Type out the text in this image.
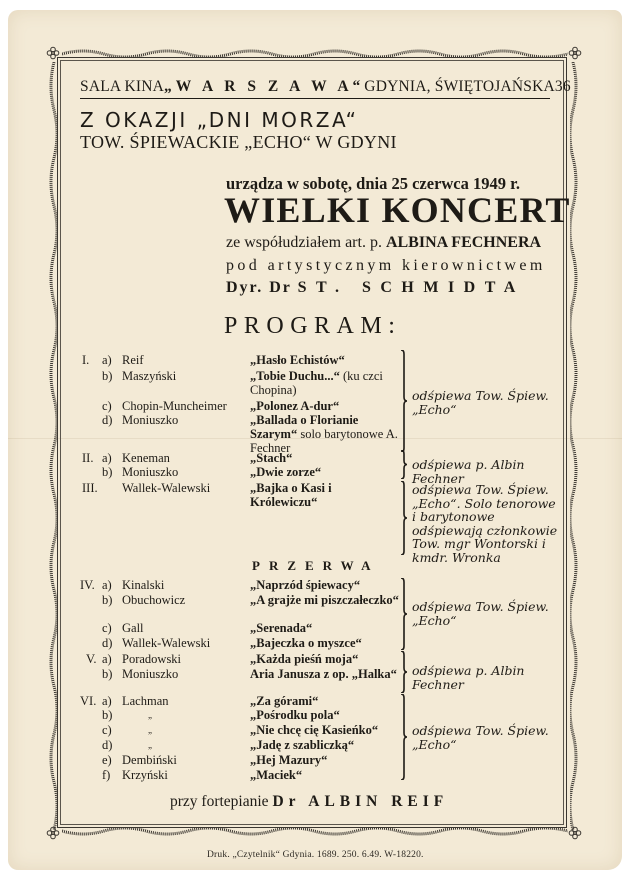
SALA KINA „W A R S Z A W A“ GDYNIA, ŚWIĘTOJAŃSKA 36
Z OKAZJI „DNI MORZA“
TOW. ŚPIEWACKIE „ECHO“ W GDYNI
urządza w sobotę, dnia 25 czerwca 1949 r.
WIELKI KONCERT
ze współudziałem art. p. ALBINA FECHNERA
pod artystycznym kierownictwem
Dyr. Dr ST. SCHMIDTA
PROGRAM:
I. a) Reif	„Hasło Echistów“
b) Maszyński	„Tobie Duchu...“ (ku czci Chopina)
c) Chopin-Muncheimer „Polonez A-dur“
d) Moniuszko	„Ballada o Florianie Szarym“ solo barytonowe A. Fechner
odśpiewa Tow. Śpiew. „Echo“
II. a) Keneman	„Stach“
b) Moniuszko	„Dwie zorze“	odśpiewa p. Albin Fechner
III. Wallek-Walewski	„Bajka o Kasi i Królewiczu“
odśpiewa Tow. Śpiew. „Echo“. Solo tenorowe i barytonowe odśpiewają członkowie Tow. mgr Wontorski i kmdr. Wronka
IV. a) Kinalski	„Naprzód śpiewacy“
b) Obuchowicz	„A grajże mi piszczałeczko“
c) Gall	„Serenada“
d) Wallek-Walewski	„Bajeczka o myszce“
odśpiewa Tow. Śpiew. „Echo“
V. a) Poradowski	„Każda pieśń moja“
b) Moniuszko	Aria Janusza z op. „Halka“	odśpiewa p. Albin Fechner
VI. a) Lachman	„Za górami“
b)	„	„Pośrodku pola“
c)	„	„Nie chcę cię Kasieńko“
d)	„	„Jadę z szabliczką“
e) Dembiński	„Hej Mazury“
f) Krzyński	„Maciek“
odśpiewa Tow. Śpiew. „Echo“
PRZERWA
przy fortepianie Dr ALBIN REIF
Druk. „Czytelnik“ Gdynia. 1689. 250. 6.49. W-18220.
